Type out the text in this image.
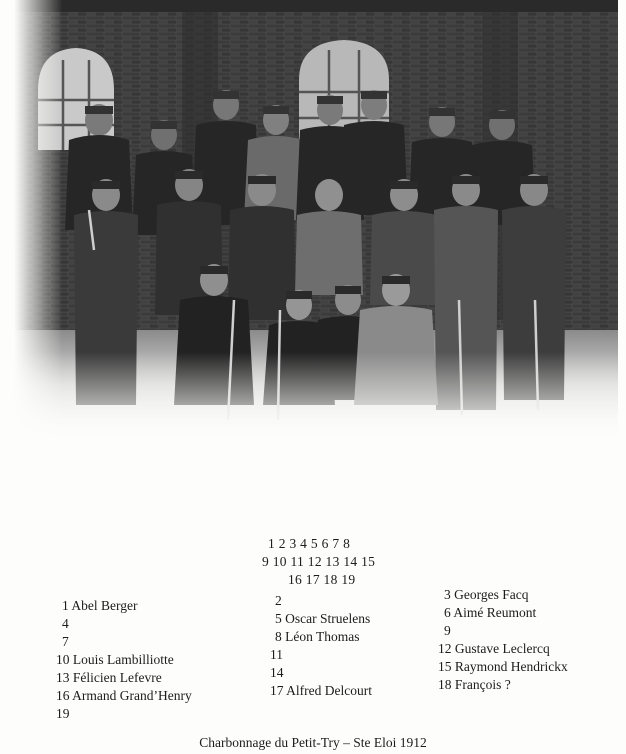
1 2 3 4 5 6 7 8
9 10 11 12 13 14 15
16 17 18 19
1 Abel Berger
4
7
10 Louis Lambilliotte
13 Félicien Lefevre
16 Armand Grand’Henry
19
2
5 Oscar Struelens
8 Léon Thomas
11
14
17 Alfred Delcourt
3 Georges Facq
6 Aimé Reumont
9
12 Gustave Leclercq
15 Raymond Hendrickx
18 François ?
Charbonnage du Petit-Try – Ste Eloi 1912
